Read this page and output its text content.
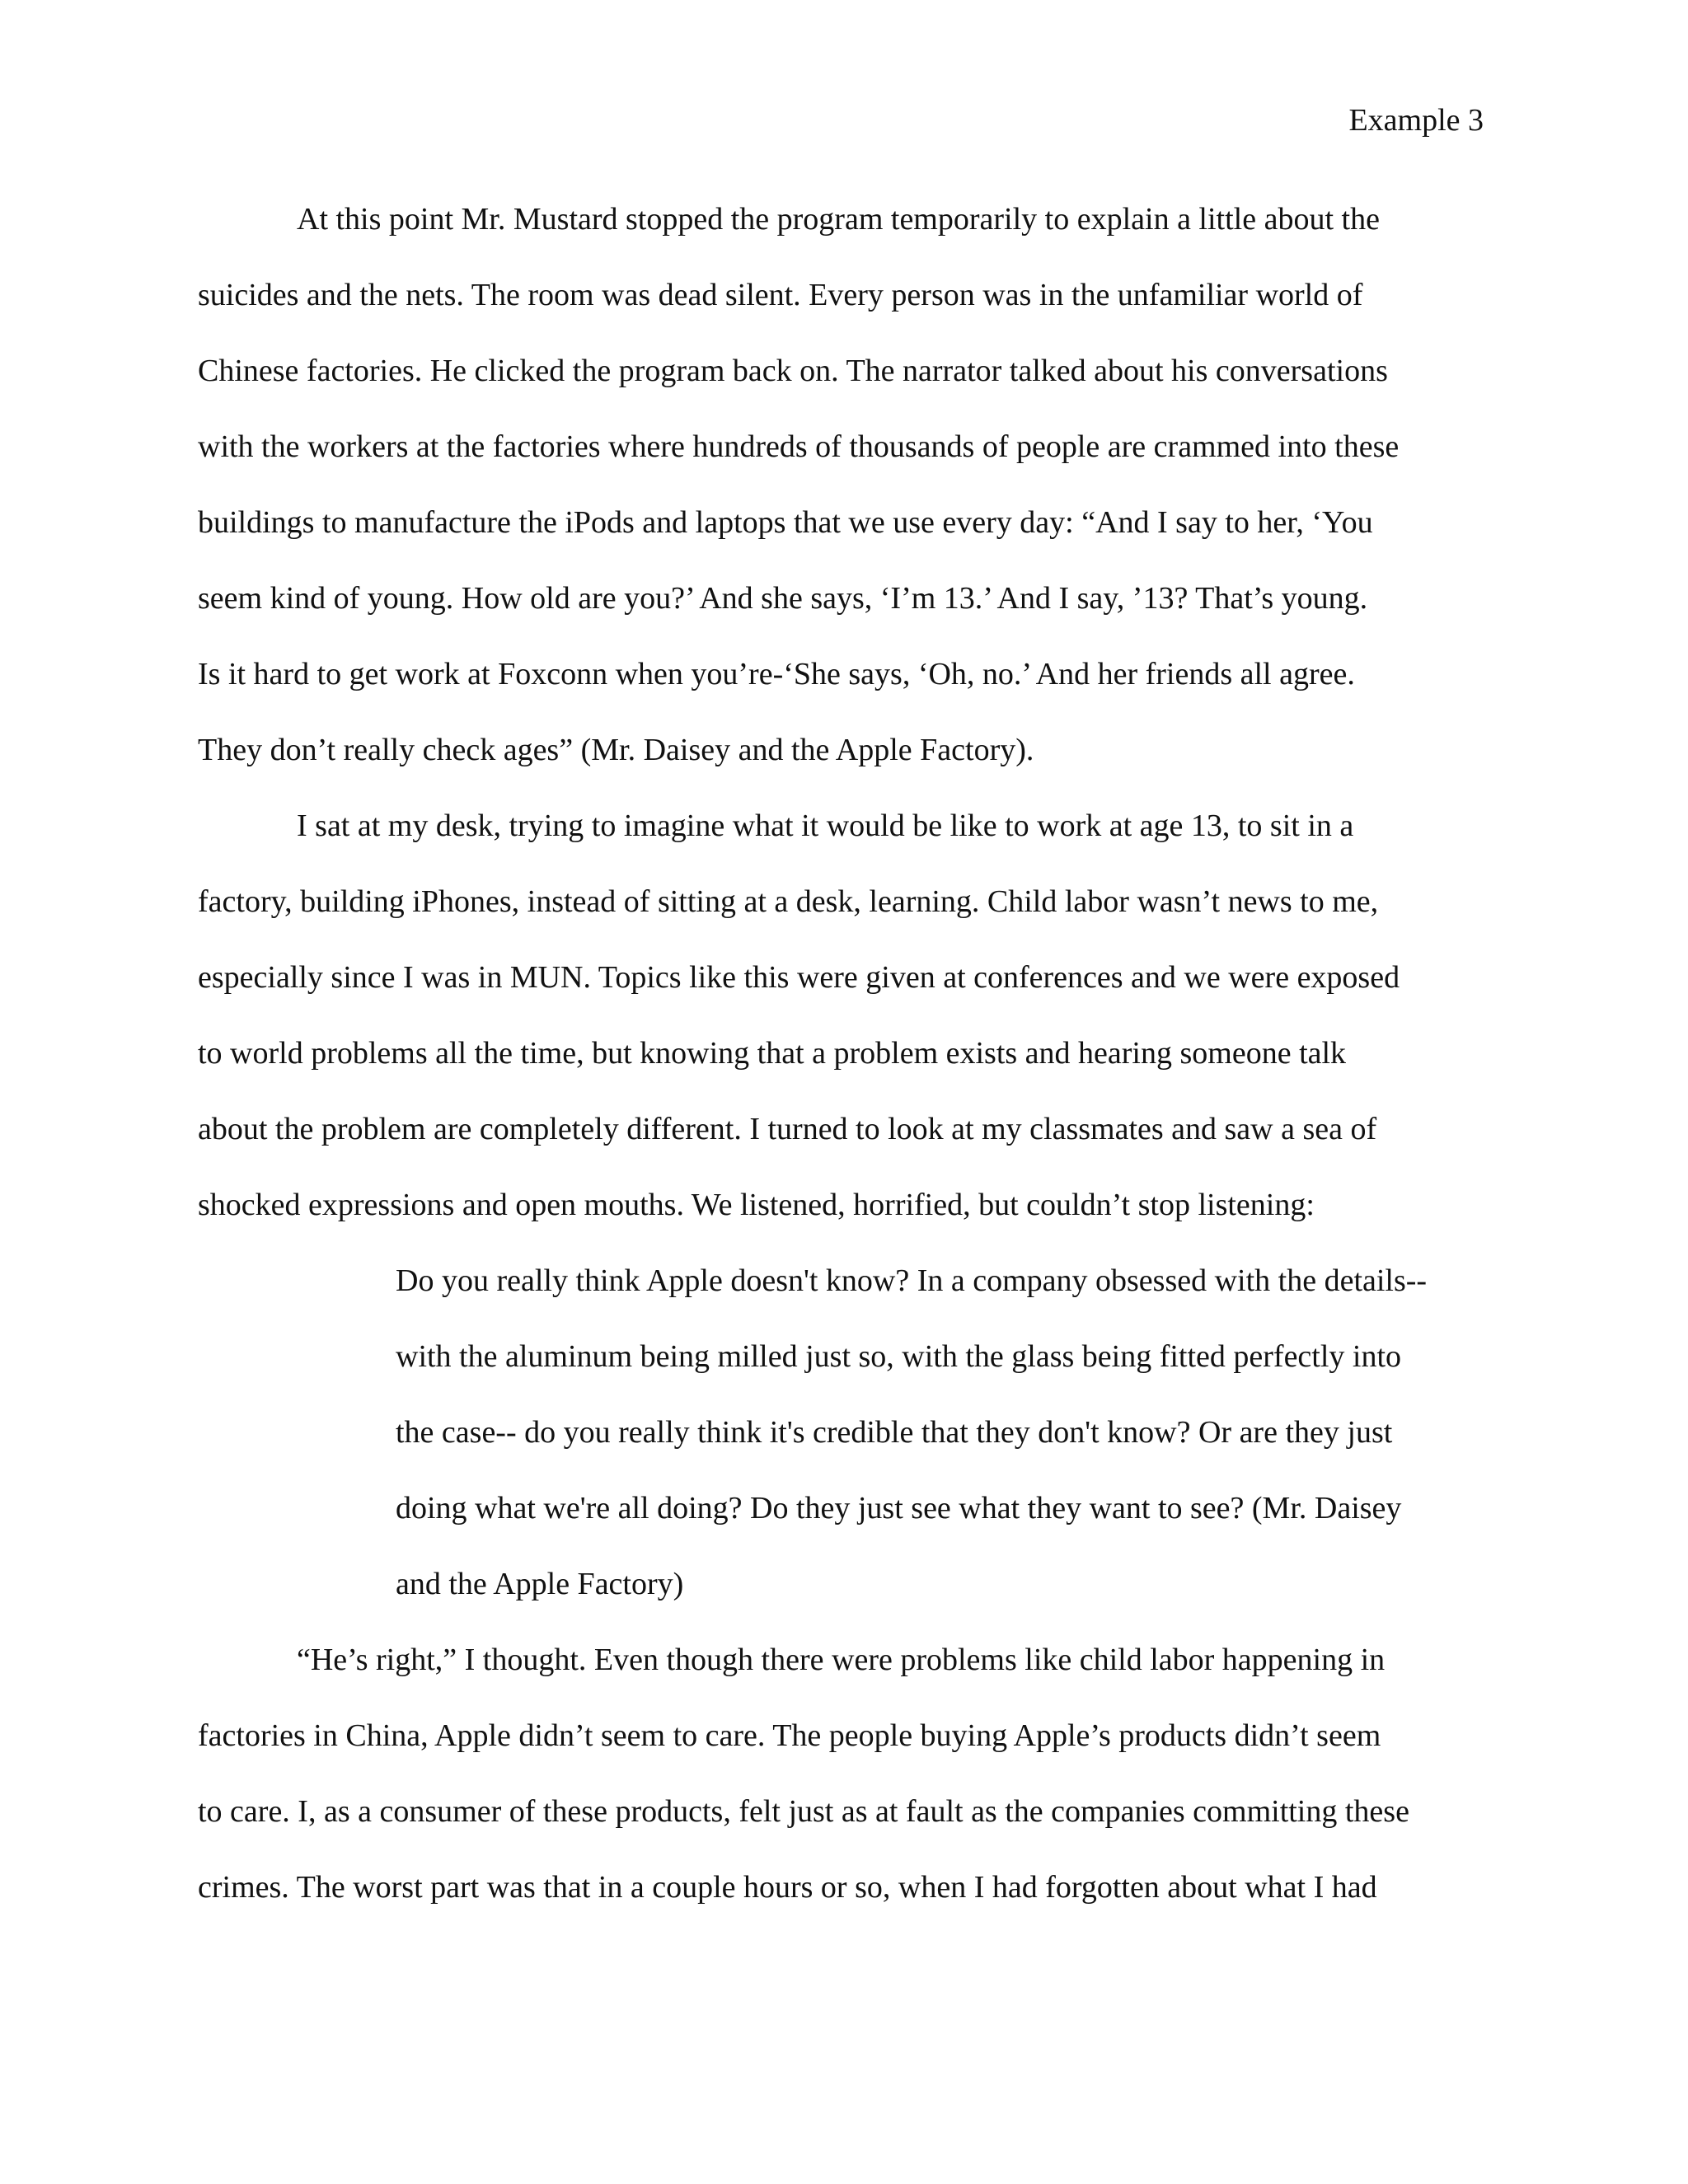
Example 3
At this point Mr. Mustard stopped the program temporarily to explain a little about the
suicides and the nets. The room was dead silent. Every person was in the unfamiliar world of
Chinese factories. He clicked the program back on. The narrator talked about his conversations
with the workers at the factories where hundreds of thousands of people are crammed into these
buildings to manufacture the iPods and laptops that we use every day: “And I say to her, ‘You
seem kind of young. How old are you?’ And she says, ‘I’m 13.’ And I say, ’13? That’s young.
Is it hard to get work at Foxconn when you’re-‘She says, ‘Oh, no.’ And her friends all agree.
They don’t really check ages” (Mr. Daisey and the Apple Factory).
I sat at my desk, trying to imagine what it would be like to work at age 13, to sit in a
factory, building iPhones, instead of sitting at a desk, learning. Child labor wasn’t news to me,
especially since I was in MUN. Topics like this were given at conferences and we were exposed
to world problems all the time, but knowing that a problem exists and hearing someone talk
about the problem are completely different. I turned to look at my classmates and saw a sea of
shocked expressions and open mouths. We listened, horrified, but couldn’t stop listening:
Do you really think Apple doesn't know? In a company obsessed with the details--
with the aluminum being milled just so, with the glass being fitted perfectly into
the case-- do you really think it's credible that they don't know? Or are they just
doing what we're all doing? Do they just see what they want to see? (Mr. Daisey
and the Apple Factory)
“He’s right,” I thought. Even though there were problems like child labor happening in
factories in China, Apple didn’t seem to care. The people buying Apple’s products didn’t seem
to care. I, as a consumer of these products, felt just as at fault as the companies committing these
crimes. The worst part was that in a couple hours or so, when I had forgotten about what I had
